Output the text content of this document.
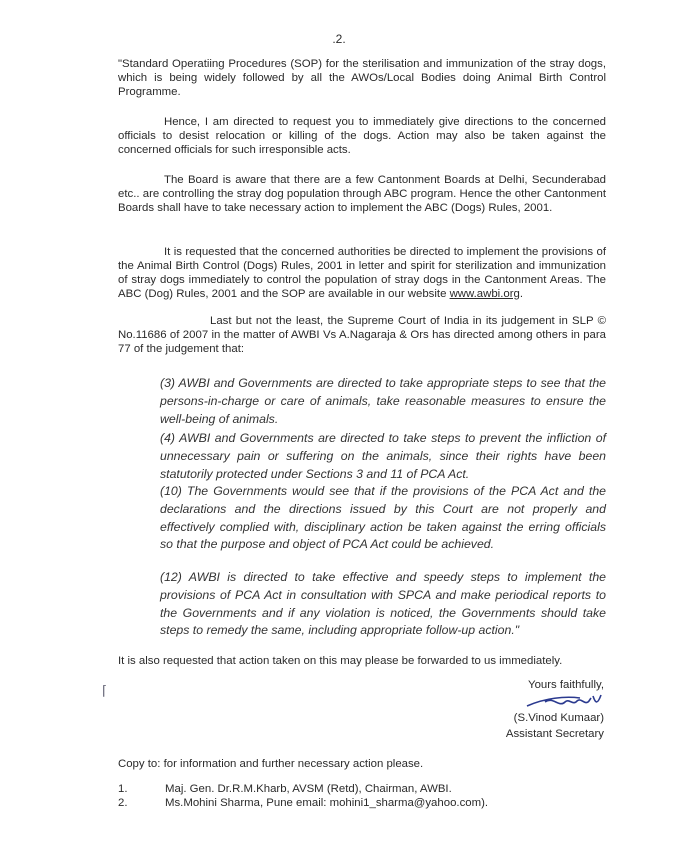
.2.
"Standard Operatiing Procedures (SOP) for the sterilisation and immunization of the stray dogs, which is being widely followed by all the AWOs/Local Bodies doing Animal Birth Control Programme.
Hence, I am directed to request you to immediately give directions to the concerned officials to desist relocation or killing of the dogs. Action may also be taken against the concerned officials for such irresponsible acts.
The Board is aware that there are a few Cantonment Boards at Delhi, Secunderabad etc.. are controlling the stray dog population through ABC program. Hence the other Cantonment Boards shall have to take necessary action to implement the ABC (Dogs) Rules, 2001.
It is requested that the concerned authorities be directed to implement the provisions of the Animal Birth Control (Dogs) Rules, 2001 in letter and spirit for sterilization and immunization of stray dogs immediately to control the population of stray dogs in the Cantonment Areas. The ABC (Dog) Rules, 2001 and the SOP are available in our website www.awbi.org.
Last but not the least, the Supreme Court of India in its judgement in SLP © No.11686 of 2007 in the matter of AWBI Vs A.Nagaraja & Ors has directed among others in para 77 of the judgement that:
(3) AWBI and Governments are directed to take appropriate steps to see that the persons-in-charge or care of animals, take reasonable measures to ensure the well-being of animals.
(4) AWBI and Governments are directed to take steps to prevent the infliction of unnecessary pain or suffering on the animals, since their rights have been statutorily protected under Sections 3 and 11 of PCA Act.
(10) The Governments would see that if the provisions of the PCA Act and the declarations and the directions issued by this Court are not properly and effectively complied with, disciplinary action be taken against the erring officials so that the purpose and object of PCA Act could be achieved.
(12) AWBI is directed to take effective and speedy steps to implement the provisions of PCA Act in consultation with SPCA and make periodical reports to the Governments and if any violation is noticed, the Governments should take steps to remedy the same, including appropriate follow-up action."
It is also requested that action taken on this may please be forwarded to us immediately.
⌈	Yours faithfully,
(S.Vinod Kumaar)
Assistant Secretary
Copy to: for information and further necessary action please.
1.	Maj. Gen. Dr.R.M.Kharb, AVSM (Retd), Chairman, AWBI.
2.	Ms.Mohini Sharma, Pune email: mohini1_sharma@yahoo.com).
